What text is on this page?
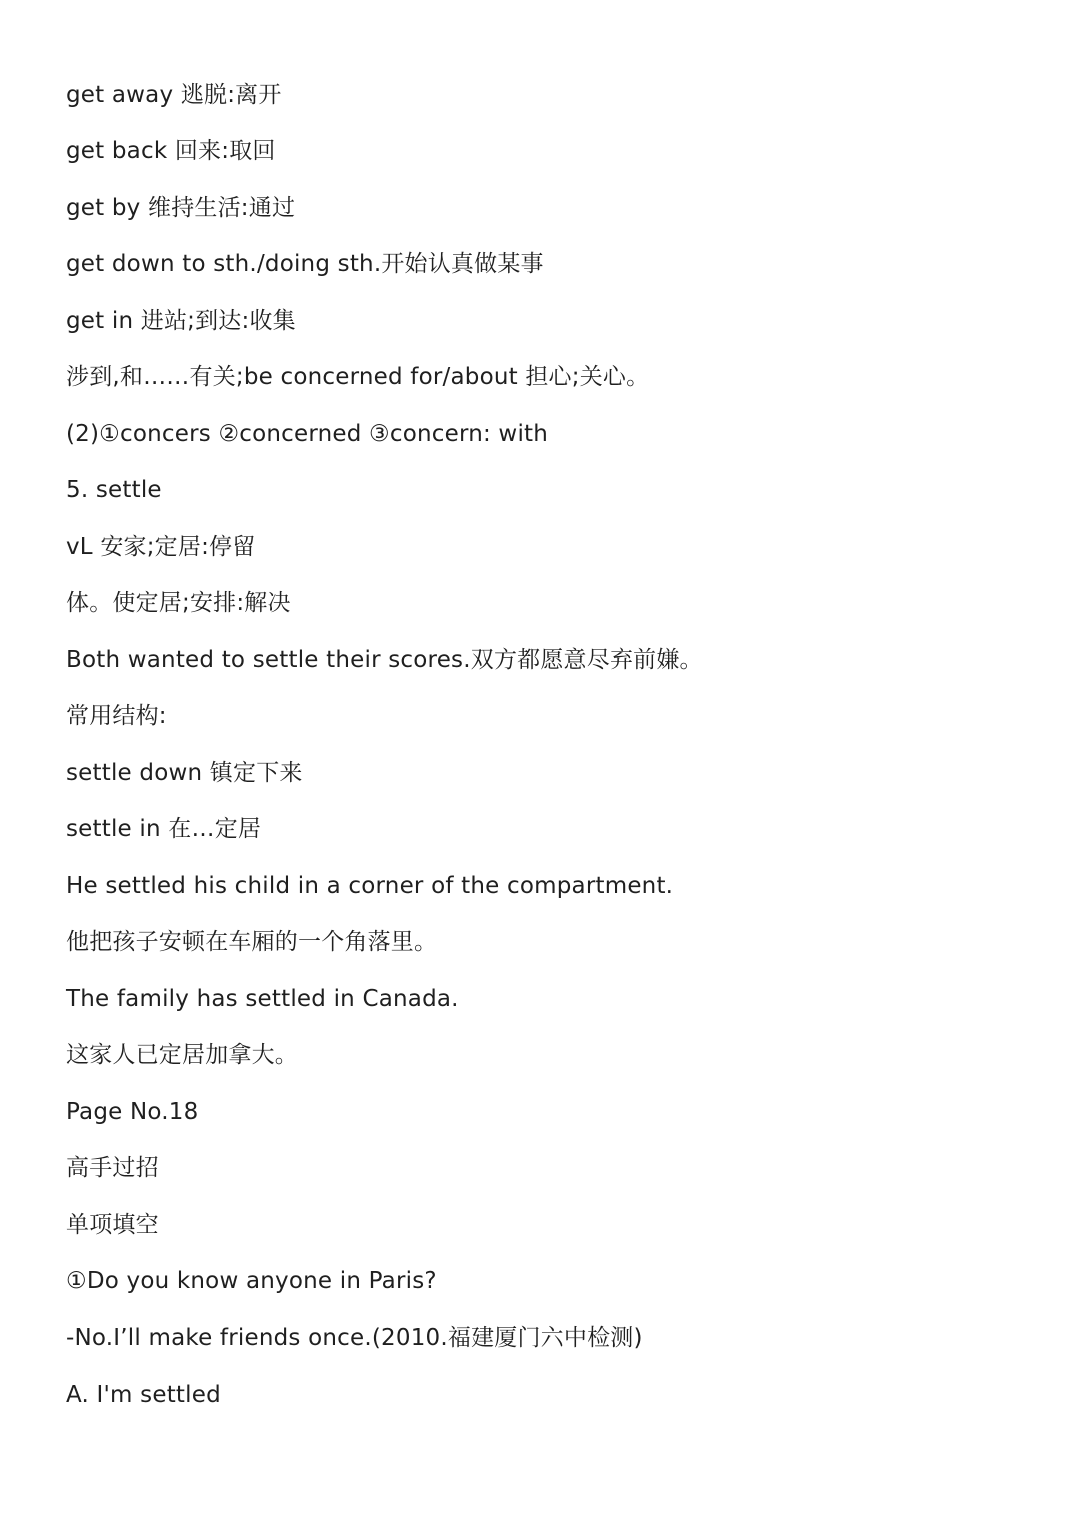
get away 逃脱:离开
get back 回来:取回
get by 维持生活:通过
get down to sth./doing sth.开始认真做某事
get in 进站;到达:收集
涉到,和……有关;be concerned for/about 担心;关心。
(2)①concers ②concerned ③concern: with
5. settle
vL 安家;定居:停留
体。使定居;安排:解决
Both wanted to settle their scores.双方都愿意尽弃前嫌。
常用结构:
settle down 镇定下来
settle in 在…定居
He settled his child in a corner of the compartment.
他把孩子安顿在车厢的一个角落里。
The family has settled in Canada.
这家人已定居加拿大。
Page No.18
高手过招
单项填空
①Do you know anyone in Paris?
-No.I’ll make friends once.(2010.福建厦门六中检测)
A. I'm settled
